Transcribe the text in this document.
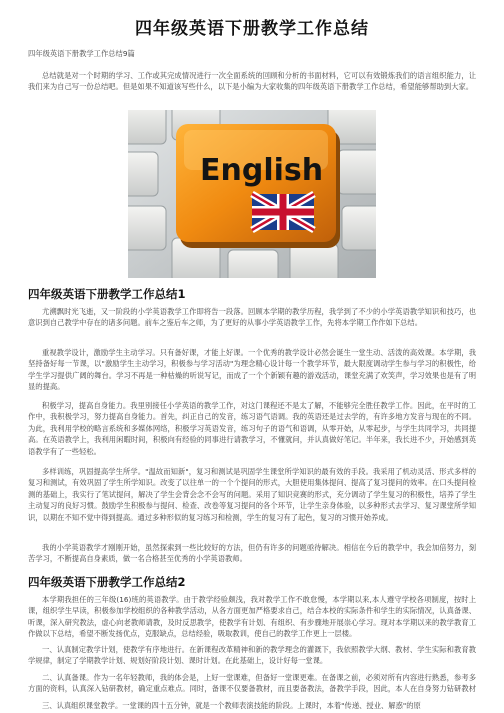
四年级英语下册教学工作总结

四年级英语下册教学工作总结9篇

总结就是对一个时期的学习、工作或其完成情况进行一次全面系统的回顾和分析的书面材料，它可以有效锻炼我们的语言组织能力，让我们来为自己写一份总结吧。但是如果不知道该写些什么，以下是小编为大家收集的四年级英语下册教学工作总结，希望能够帮助到大家。

English
四年级英语下册教学工作总结1

尤溯飘时光飞逝，又一阶段的小学英语教学工作即将告一段落。回顾本学期的教学历程，我学到了不少的小学英语教学知识和技巧，也意识到自己教学中存在的诸多问题。前车之鉴后车之师，为了更好的从事小学英语教学工作，先将本学期工作作如下总结。

重视教学设计，激励学生主动学习。只有备好课，才能上好课。一个优秀的教学设计必然会诞生一堂生动、活泼的高效课。本学期，我坚持备好每一节课，以"激励学生主动学习，积极参与学习活动"为理念精心设计每一个教学环节，最大限度调动学生参与学习的积极性，给学生学习提供广阔的舞台。学习不再是一种枯燥的听说写记，而成了一个个新颖有趣的游戏活动，课堂充满了欢笑声，学习效果也是有了明显的提高。

积极学习，提高自身能力。我里别接任小学英语的教学工作，对这门课程还不是太了解，不能够完全胜任教学工作。因此，在平时的工作中，我积极学习，努力提高自身能力。首先，纠正自己的发音，练习语气语调。我的英语还是过去学的，有许多地方发音与现在的不同。为此，我利用学校的略言系统和多媒体网络，积极学习英语发音，练习句子的语气和语调，从零开始，从零起步，与学生共同学习，共同提高。在英语教学上，我利用闲暇时间，积极向有经验的同事进行请教学习，不懂就问，并认真做好笔记。半年来，我长进不少，开始感到英语教学有了一些轻松。

多样训练，巩固提高学生所学。"温故而知新"，复习和测试是巩固学生课堂所学知识的最有效的手段。我采用了机动灵活、形式多样的复习和测试，有效巩固了学生所学知识。改变了以往单一的一个个提问的形式，大胆使用集体提问、提高了复习提问的效率。在口头提问检测的基础上，我实行了笔试提问，解决了学生会背会念不会写的问题。采用了知识竞赛的形式，充分调动了学生复习的积极性，培养了学生主动复习的良好习惯。鼓励学生积极参与提问、检查、改卷等复习提问的各个环节，让学生亲身体验，以多种形式去学习、复习课堂所学知识，以期在不知不觉中得到提高。通过多种形似的复习练习和检测，学生的复习有了起色，复习的习惯开始养成。

我的小学英语教学才刚刚开始，虽然探索到一些比较好的方法，但仍有许多的问题亟待解决。相信在今后的教学中，我会加倍努力，刻苦学习，不断提高自身素质，做一名合格甚至优秀的小学英语教师。

四年级英语下册教学工作总结2

本学期我担任的三年级(16)班的英语教学。由于教学经验颇浅，我对教学工作不敢怠慢，本学期以来,本人遵守学校各项制度，按时上课，组织学生早读，积极参加学校组织的各种教学活动，从各方面更加严格要求自己，结合本校的实际条件和学生的实际情况，认真备课、听课，深入研究教法，虚心向老教师请教，及时反思教学，使教学有计划、有组织、有步骤地开展崇心学习。现对本学期以来的教学教育工作做以下总结，希望不断发扬优点，克服缺点，总结经验，吸取教训，使自己的教学工作更上一层楼。

一、认真制定教学计划，使教学有序地进行。在新课程改革精神和新的教学理念的灌溉下，我依照教学大纲、教材、学生实际和教育教学规律，制定了学期教学计划、规划好阶段计划、课时计划。在此基础上，设计好每一堂课。

二、认真备课。作为一名年轻教师，我的体会是，上好一堂课难，但备好一堂课更难。在备课之前，必须对所有内容进行熟悉，参考多方面的资料，认真深入钻研教材，确定重点难点。同时，备课不仅要备教材，而且要备教法，备教学手段，因此，本人在自身努力钻研教材

三、认真组织课堂教学。一堂课的四十五分钟，就是一个教师表演技能的阶段。上课时，本着"传递、授业、解惑"的原
